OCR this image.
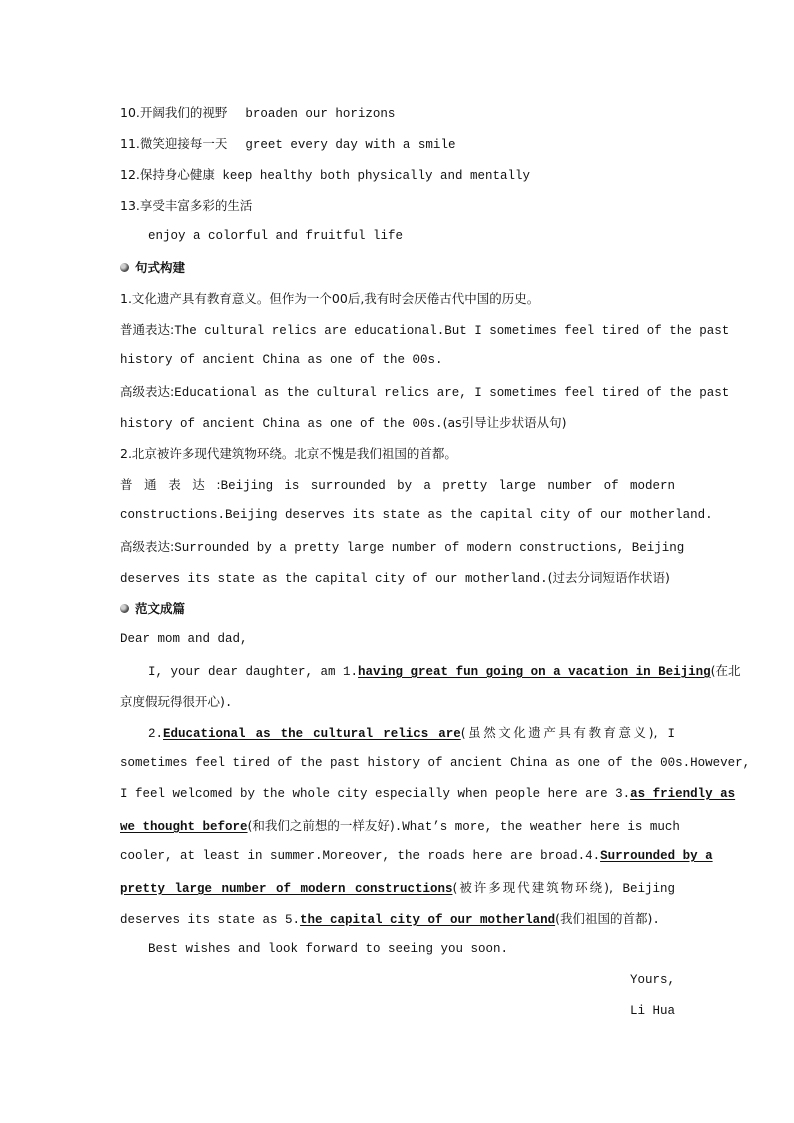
10.开阔我们的视野 broaden our horizons
11.微笑迎接每一天 greet every day with a smile
12.保持身心健康 keep healthy both physically and mentally
13.享受丰富多彩的生活
enjoy a colorful and fruitful life
句式构建
1.文化遗产具有教育意义。但作为一个00后,我有时会厌倦古代中国的历史。
普通表达:The cultural relics are educational.But I sometimes feel tired of the past
history of ancient China as one of the 00s.
高级表达:Educational as the cultural relics are, I sometimes feel tired of the past
history of ancient China as one of the 00s.(as引导让步状语从句)
2.北京被许多现代建筑物环绕。北京不愧是我们祖国的首都。
普 通 表 达 :Beijing is surrounded by a pretty large number of modern
constructions.Beijing deserves its state as the capital city of our motherland.
高级表达:Surrounded by a pretty large number of modern constructions, Beijing
deserves its state as the capital city of our motherland.(过去分词短语作状语)
范文成篇
Dear mom and dad,
I, your dear daughter, am 1.having great fun going on a vacation in Beijing(在北
京度假玩得很开心).
2.Educational as the cultural relics are(虽然文化遗产具有教育意义), I
sometimes feel tired of the past history of ancient China as one of the 00s.However,
I feel welcomed by the whole city especially when people here are 3.as friendly as
we thought before(和我们之前想的一样友好).What’s more, the weather here is much
cooler, at least in summer.Moreover, the roads here are broad.4.Surrounded by a
pretty large number of modern constructions(被许多现代建筑物环绕), Beijing
deserves its state as 5.the capital city of our motherland(我们祖国的首都).
Best wishes and look forward to seeing you soon.
Yours,
Li Hua
